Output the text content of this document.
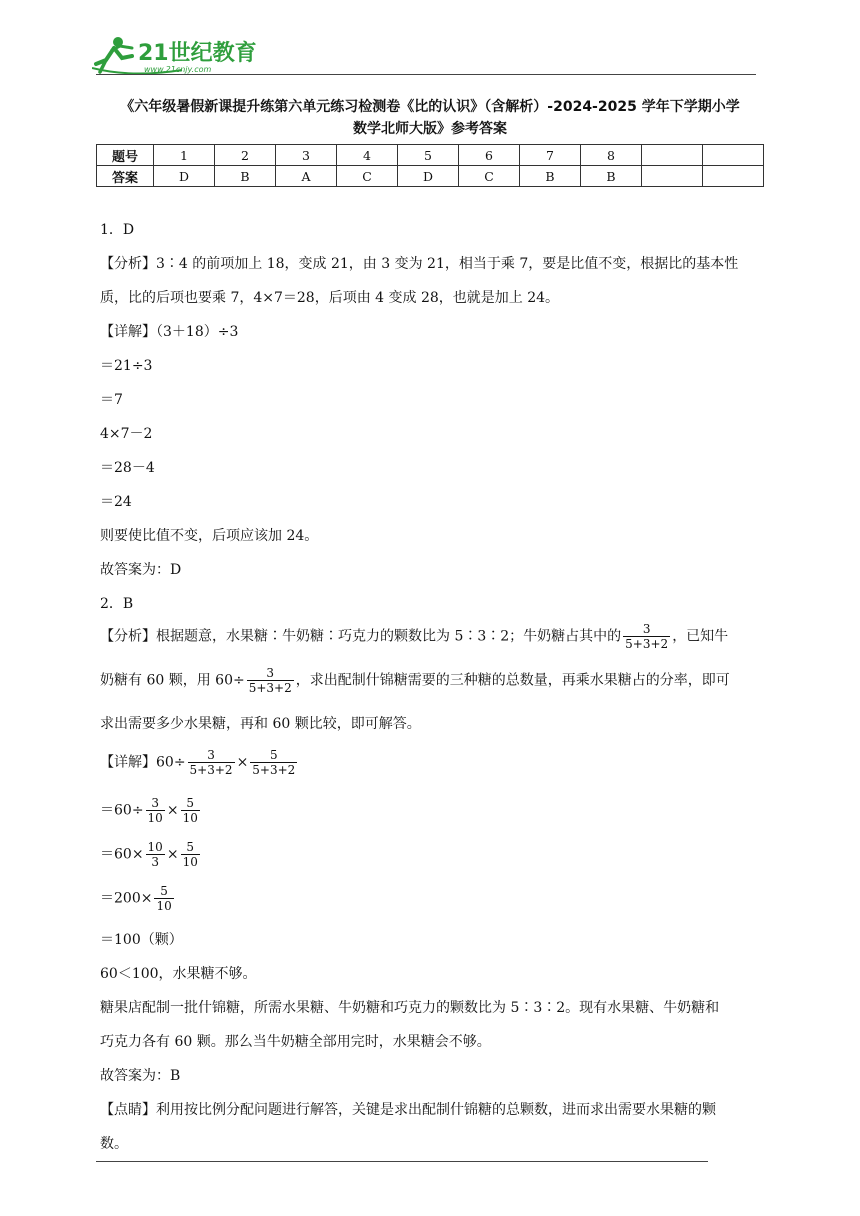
21世纪教育
www.21cnjy.com
《六年级暑假新课提升练第六单元练习检测卷《比的认识》（含解析）-2024-2025 学年下学期小学
数学北师大版》参考答案
题号	1	2	3	4	5	6	7	8		
答案	D	B	A	C	D	C	B	B		
1．D
【分析】3∶4 的前项加上 18，变成 21，由 3 变为 21，相当于乘 7，要是比值不变，根据比的基本性
质，比的后项也要乘 7，4×7＝28，后项由 4 变成 28，也就是加上 24。
【详解】（3＋18）÷3
＝21÷3
＝7
4×7－2
＝28－4
＝24
则要使比值不变，后项应该加 24。
故答案为：D
2．B
【分析】根据题意，水果糖∶牛奶糖∶巧克力的颗数比为 5∶3∶2；牛奶糖占其中的 $\frac{3}{5+3+2}$ ，已知牛
奶糖有 60 颗，用 $60\div \frac{3}{5+3+2}$ ，求出配制什锦糖需要的三种糖的总数量，再乘水果糖占的分率，即可
求出需要多少水果糖，再和 60 颗比较，即可解答。
【详解】$60\div \frac{3}{5+3+2} \times \frac{5}{5+3+2}$
$=60\div \frac{3}{10} \times \frac{5}{10}$
$=60\times \frac{10}{3} \times \frac{5}{10}$
$=200\times \frac{5}{10}$
＝100（颗）
60＜100，水果糖不够。
糖果店配制一批什锦糖，所需水果糖、牛奶糖和巧克力的颗数比为 5∶3∶2。现有水果糖、牛奶糖和
巧克力各有 60 颗。那么当牛奶糖全部用完时，水果糖会不够。
故答案为：B
【点睛】利用按比例分配问题进行解答，关键是求出配制什锦糖的总颗数，进而求出需要水果糖的颗
数。
